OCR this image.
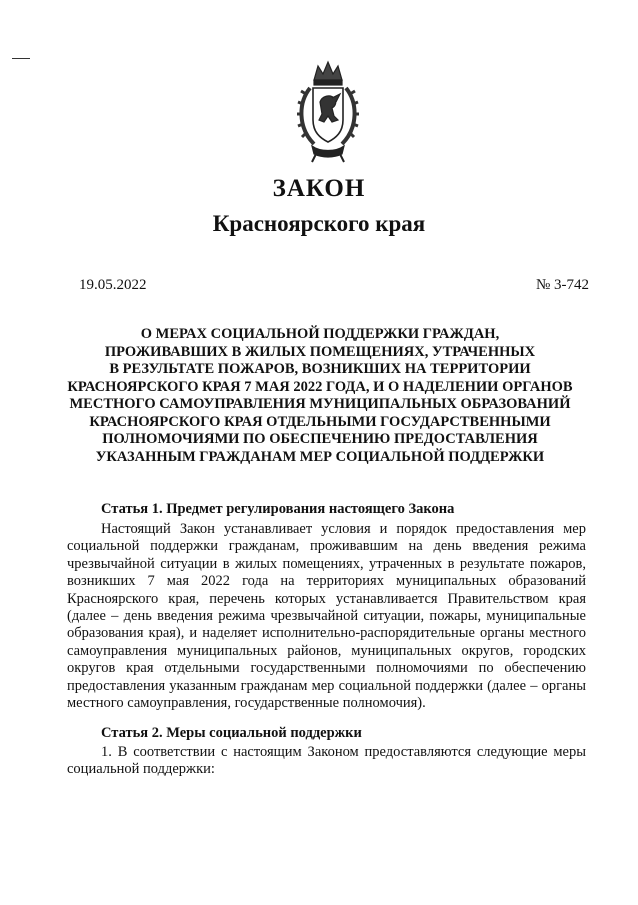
ЗАКОН
Красноярского края
19.05.2022	№ 3-742
О МЕРАХ СОЦИАЛЬНОЙ ПОДДЕРЖКИ ГРАЖДАН,
ПРОЖИВАВШИХ В ЖИЛЫХ ПОМЕЩЕНИЯХ, УТРАЧЕННЫХ
В РЕЗУЛЬТАТЕ ПОЖАРОВ, ВОЗНИКШИХ НА ТЕРРИТОРИИ
КРАСНОЯРСКОГО КРАЯ 7 МАЯ 2022 ГОДА, И О НАДЕЛЕНИИ ОРГАНОВ
МЕСТНОГО САМОУПРАВЛЕНИЯ МУНИЦИПАЛЬНЫХ ОБРАЗОВАНИЙ
КРАСНОЯРСКОГО КРАЯ ОТДЕЛЬНЫМИ ГОСУДАРСТВЕННЫМИ
ПОЛНОМОЧИЯМИ ПО ОБЕСПЕЧЕНИЮ ПРЕДОСТАВЛЕНИЯ
УКАЗАННЫМ ГРАЖДАНАМ МЕР СОЦИАЛЬНОЙ ПОДДЕРЖКИ
Статья 1. Предмет регулирования настоящего Закона
Настоящий Закон устанавливает условия и порядок предоставления мер
социальной поддержки гражданам, проживавшим на день введения режима
чрезвычайной ситуации в жилых помещениях, утраченных в результате пожаров,
возникших 7 мая 2022 года на территориях муниципальных образований
Красноярского края, перечень которых устанавливается Правительством края
(далее – день введения режима чрезвычайной ситуации, пожары, муниципальные
образования края), и наделяет исполнительно-распорядительные органы местного
самоуправления муниципальных районов, муниципальных округов, городских
округов края отдельными государственными полномочиями по обеспечению
предоставления указанным гражданам мер социальной поддержки (далее – органы
местного самоуправления, государственные полномочия).
Статья 2. Меры социальной поддержки
1. В соответствии с настоящим Законом предоставляются следующие меры
социальной поддержки:
